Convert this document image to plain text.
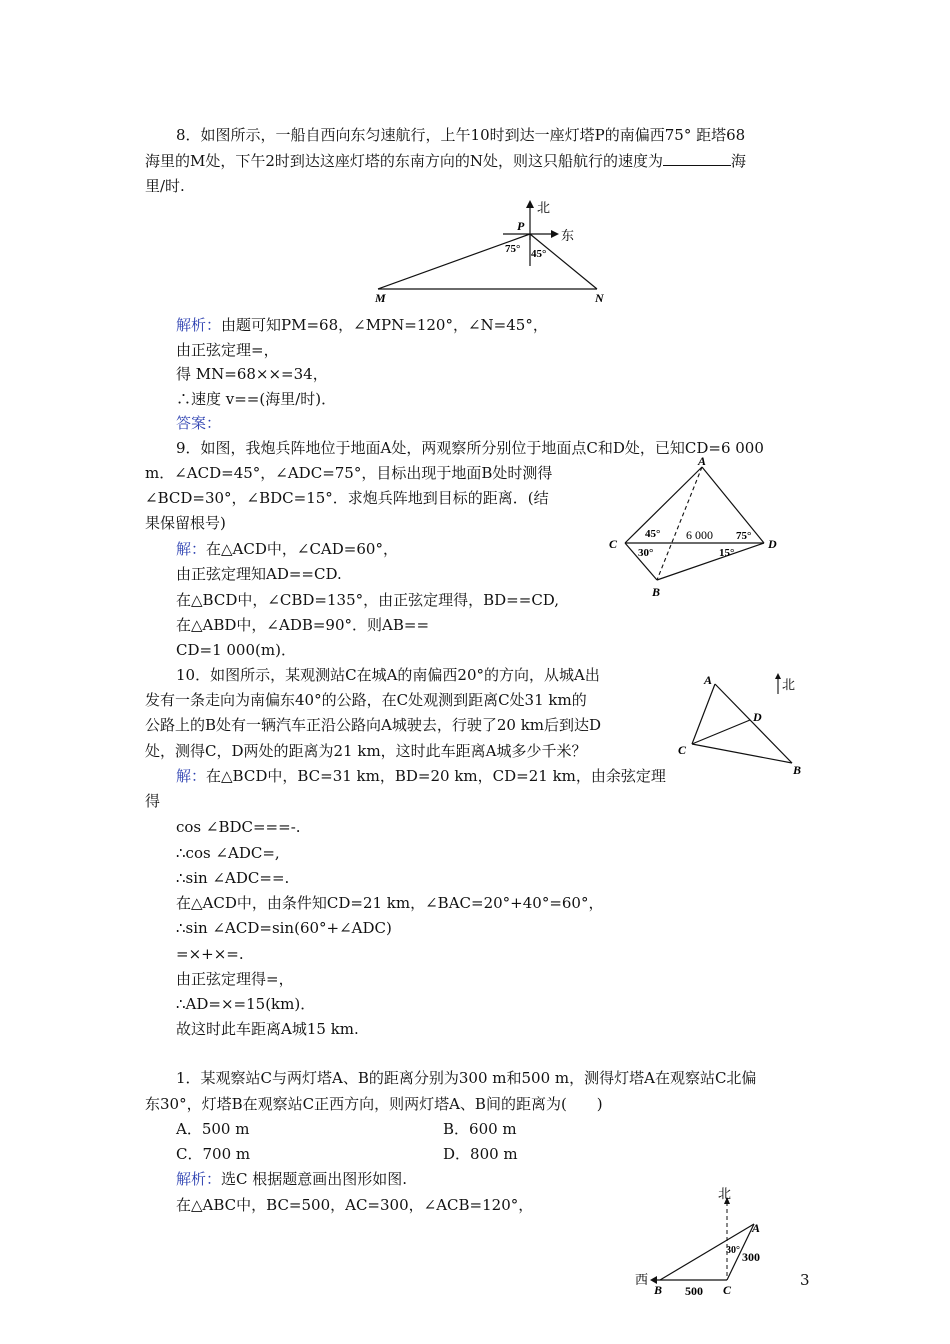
8．如图所示，一船自西向东匀速航行，上午10时到达一座灯塔P的南偏西75° 距塔68
海里的M处，下午2时到达这座灯塔的东南方向的N处，则这只船航行的速度为	海
里/时.
北
东
P
75° 45°
M	N
解析：由题可知PM=68，∠MPN=120°，∠N=45°，
由正弦定理=，
得 MN=68××=34，
∴速度 v==(海里/时)．
答案：
9．如图，我炮兵阵地位于地面A处，两观察所分别位于地面点C和D处，已知CD=6 000
m．∠ACD=45°，∠ADC=75°，目标出现于地面B处时测得
∠BCD=30°，∠BDC=15°．求炮兵阵地到目标的距离．(结
果保留根号)
解：在△ACD中，∠CAD=60°，
由正弦定理知AD==CD.
在△BCD中，∠CBD=135°，由正弦定理得，BD==CD,
在△ABD中，∠ADB=90°．则AB==
CD=1 000(m)．
A
C	D
B
45° 6 000 75°
30°	15°
10．如图所示，某观测站C在城A的南偏西20°的方向，从城A出
发有一条走向为南偏东40°的公路，在C处观测到距离C处31 km的
公路上的B处有一辆汽车正沿公路向A城驶去，行驶了20 km后到达D
处，测得C，D两处的距离为21 km，这时此车距离A城多少千米？
解：在△BCD中，BC=31 km，BD=20 km，CD=21 km，由余弦定理
得
cos ∠BDC===-.
∴cos ∠ADC=,
∴sin ∠ADC==.
在△ACD中，由条件知CD=21 km，∠BAC=20°+40°=60°，
∴sin ∠ACD=sin(60°+∠ADC)
=×+×=.
由正弦定理得=，
∴AD=×=15(km)．
故这时此车距离A城15 km.
北
A
D
C
B
1．某观察站C与两灯塔A、B的距离分别为300 m和500 m，测得灯塔A在观察站C北偏
东30°，灯塔B在观察站C正西方向，则两灯塔A、B间的距离为(　　)
A．500 m	B．600 m
C．700 m	D．800 m
解析：选C 根据题意画出图形如图.
在△ABC中，BC=500，AC=300，∠ACB=120°，
北
西
A
30° 300
B 500 C
3
